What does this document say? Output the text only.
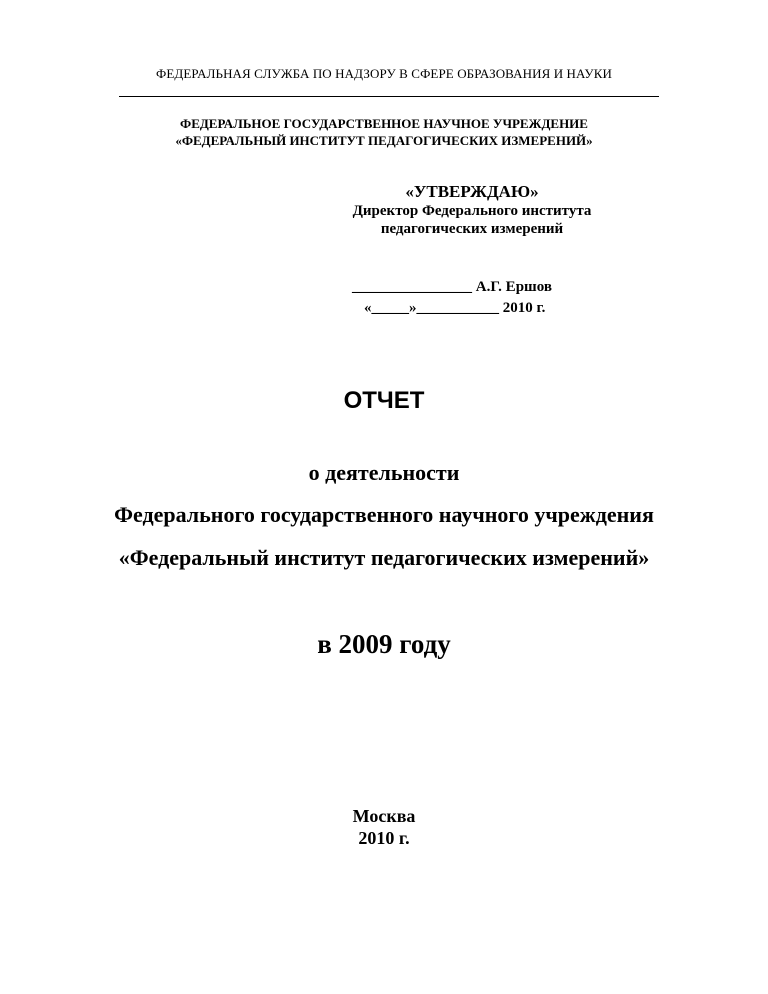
ФЕДЕРАЛЬНАЯ СЛУЖБА ПО НАДЗОРУ В СФЕРЕ ОБРАЗОВАНИЯ И НАУКИ
ФЕДЕРАЛЬНОЕ ГОСУДАРСТВЕННОЕ НАУЧНОЕ УЧРЕЖДЕНИЕ
«ФЕДЕРАЛЬНЫЙ ИНСТИТУТ ПЕДАГОГИЧЕСКИХ ИЗМЕРЕНИЙ»
«УТВЕРЖДАЮ»
Директор Федерального института
педагогических измерений
________________ А.Г. Ершов
«_____»___________ 2010 г.
ОТЧЕТ
о деятельности
Федерального государственного научного учреждения
«Федеральный институт педагогических измерений»
в 2009 году
Москва
2010 г.
